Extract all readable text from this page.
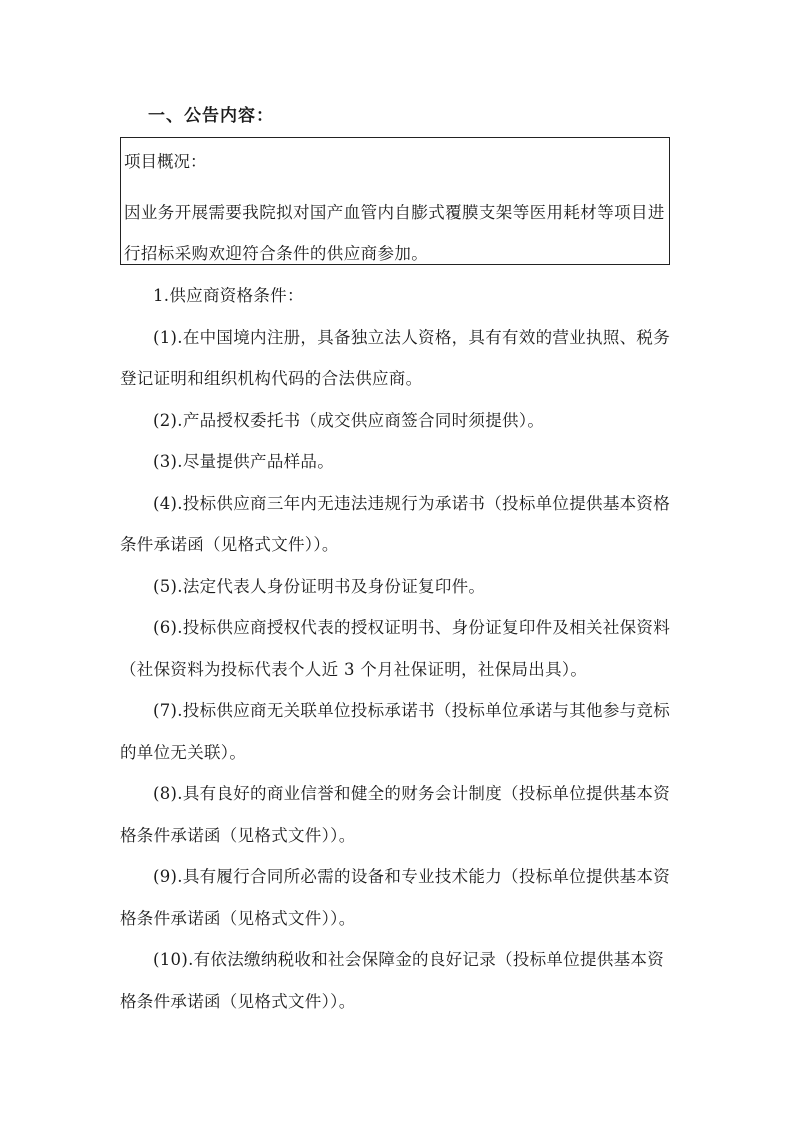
一、公告内容：
项目概况：

因业务开展需要我院拟对国产血管内自膨式覆膜支架等医用耗材等项目进行招标采购欢迎符合条件的供应商参加。

1.供应商资格条件：

(1).在中国境内注册，具备独立法人资格，具有有效的营业执照、税务登记证明和组织机构代码的合法供应商。

(2).产品授权委托书（成交供应商签合同时须提供）。

(3).尽量提供产品样品。

(4).投标供应商三年内无违法违规行为承诺书（投标单位提供基本资格条件承诺函（见格式文件））。

(5).法定代表人身份证明书及身份证复印件。

(6).投标供应商授权代表的授权证明书、身份证复印件及相关社保资料（社保资料为投标代表个人近 3 个月社保证明，社保局出具）。

(7).投标供应商无关联单位投标承诺书（投标单位承诺与其他参与竞标的单位无关联）。

(8).具有良好的商业信誉和健全的财务会计制度（投标单位提供基本资格条件承诺函（见格式文件））。

(9).具有履行合同所必需的设备和专业技术能力（投标单位提供基本资格条件承诺函（见格式文件））。

(10).有依法缴纳税收和社会保障金的良好记录（投标单位提供基本资格条件承诺函（见格式文件））。
